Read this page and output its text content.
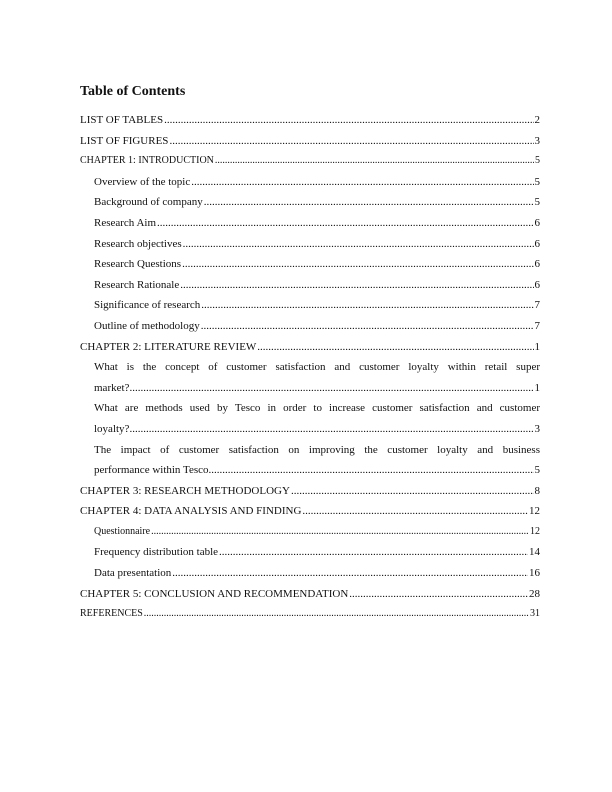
Table of Contents
LIST OF TABLES .....	2
LIST OF FIGURES .....	3
CHAPTER 1: INTRODUCTION .....	5
Overview of the topic .....	5
Background of company .....	5
Research Aim .....	6
Research objectives .....	6
Research Questions .....	6
Research Rationale .....	6
Significance of research .....	7
Outline of methodology .....	7
CHAPTER 2: LITERATURE REVIEW .....	1
What is the concept of customer satisfaction and customer loyalty within retail super
market? .....	1
What are methods used by Tesco in order to increase customer satisfaction and customer
loyalty? .....	3
The impact of customer satisfaction on improving the customer loyalty and business
performance within Tesco. .....	5
CHAPTER 3: RESEARCH METHODOLOGY .....	8
CHAPTER 4: DATA ANALYSIS AND FINDING .....	12
Questionnaire .....	12
Frequency distribution table .....	14
Data presentation .....	16
CHAPTER 5: CONCLUSION AND RECOMMENDATION .....	28
REFERENCES .....	31
